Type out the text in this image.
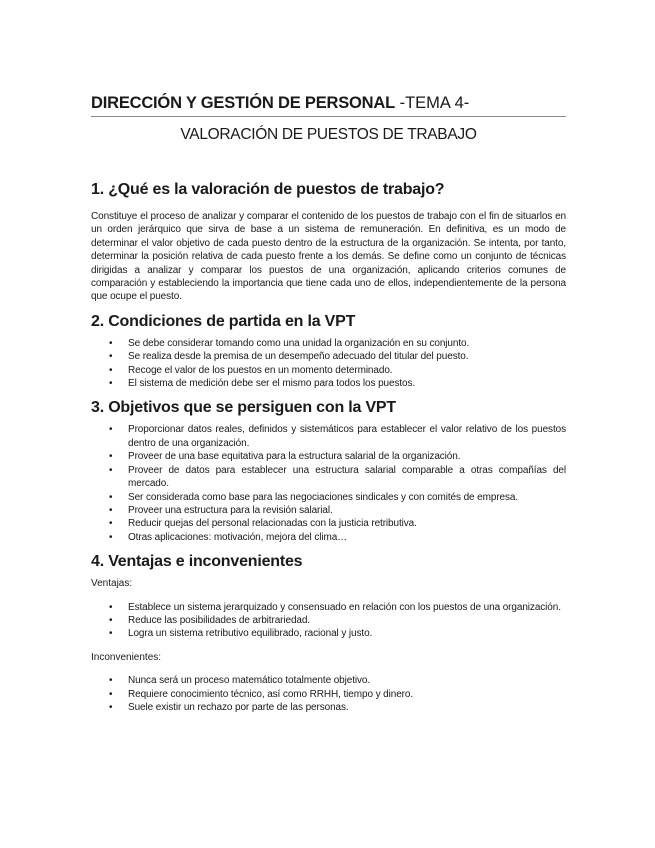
DIRECCIÓN Y GESTIÓN DE PERSONAL -TEMA 4-
VALORACIÓN DE PUESTOS DE TRABAJO
1. ¿Qué es la valoración de puestos de trabajo?

Constituye el proceso de analizar y comparar el contenido de los puestos de trabajo con el fin de situarlos en un orden jerárquico que sirva de base a un sistema de remuneración. En definitiva, es un modo de determinar el valor objetivo de cada puesto dentro de la estructura de la organización. Se intenta, por tanto, determinar la posición relativa de cada puesto frente a los demás. Se define como un conjunto de técnicas dirigidas a analizar y comparar los puestos de una organización, aplicando criterios comunes de comparación y estableciendo la importancia que tiene cada uno de ellos, independientemente de la persona que ocupe el puesto.

2. Condiciones de partida en la VPT
• Se debe considerar tomando como una unidad la organización en su conjunto.
• Se realiza desde la premisa de un desempeño adecuado del titular del puesto.
• Recoge el valor de los puestos en un momento determinado.
• El sistema de medición debe ser el mismo para todos los puestos.
3. Objetivos que se persiguen con la VPT
• Proporcionar datos reales, definidos y sistemáticos para establecer el valor relativo de los puestos dentro de una organización.
• Proveer de una base equitativa para la estructura salarial de la organización.
• Proveer de datos para establecer una estructura salarial comparable a otras compañías del mercado.
• Ser considerada como base para las negociaciones sindicales y con comités de empresa.
• Proveer una estructura para la revisión salarial.
• Reducir quejas del personal relacionadas con la justicia retributiva.
• Otras aplicaciones: motivación, mejora del clima…
4. Ventajas e inconvenientes

Ventajas:

• Establece un sistema jerarquizado y consensuado en relación con los puestos de una organización.
• Reduce las posibilidades de arbitrariedad.
• Logra un sistema retributivo equilibrado, racional y justo.

Inconvenientes:

• Nunca será un proceso matemático totalmente objetivo.
• Requiere conocimiento técnico, así como RRHH, tiempo y dinero.
• Suele existir un rechazo por parte de las personas.
